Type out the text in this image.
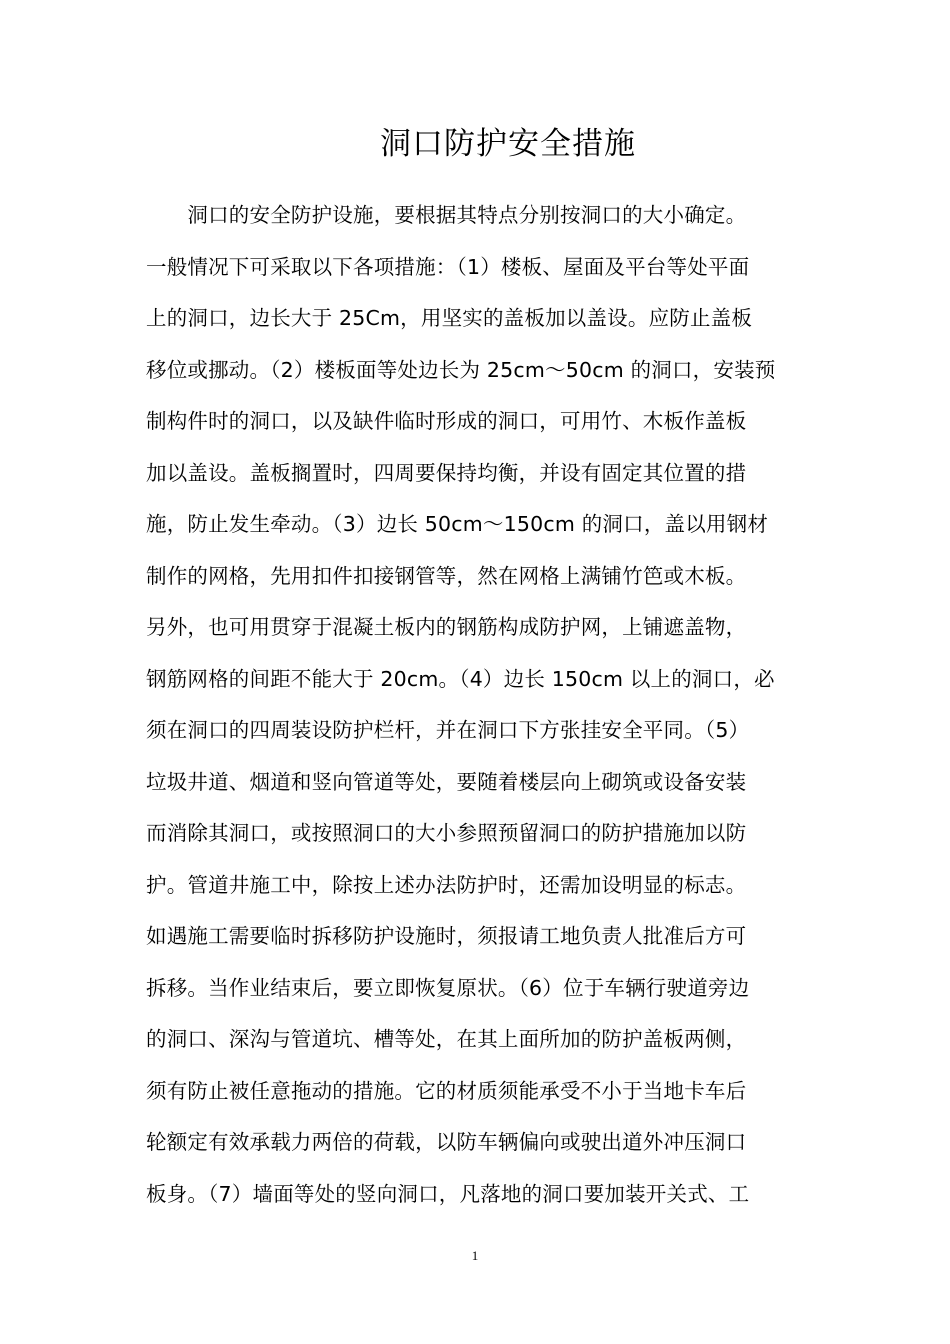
洞口防护安全措施
　　洞口的安全防护设施，要根据其特点分别按洞口的大小确定。
一般情况下可采取以下各项措施：（1）楼板、屋面及平台等处平面
上的洞口，边长大于 25Cm，用坚实的盖板加以盖设。应防止盖板
移位或挪动。（2）楼板面等处边长为 25cm～50cm 的洞口，安装预
制构件时的洞口，以及缺件临时形成的洞口，可用竹、木板作盖板
加以盖设。盖板搁置时，四周要保持均衡，并设有固定其位置的措
施，防止发生牵动。（3）边长 50cm～150cm 的洞口，盖以用钢材
制作的网格，先用扣件扣接钢管等，然在网格上满铺竹笆或木板。
另外，也可用贯穿于混凝土板内的钢筋构成防护网，上铺遮盖物，
钢筋网格的间距不能大于 20cm。（4）边长 150cm 以上的洞口，必
须在洞口的四周装设防护栏杆，并在洞口下方张挂安全平同。（5）
垃圾井道、烟道和竖向管道等处，要随着楼层向上砌筑或设备安装
而消除其洞口，或按照洞口的大小参照预留洞口的防护措施加以防
护。管道井施工中，除按上述办法防护时，还需加设明显的标志。
如遇施工需要临时拆移防护设施时，须报请工地负责人批准后方可
拆移。当作业结束后，要立即恢复原状。（6）位于车辆行驶道旁边
的洞口、深沟与管道坑、槽等处，在其上面所加的防护盖板两侧，
须有防止被任意拖动的措施。它的材质须能承受不小于当地卡车后
轮额定有效承载力两倍的荷载，以防车辆偏向或驶出道外冲压洞口
板身。（7）墙面等处的竖向洞口，凡落地的洞口要加装开关式、工
1
